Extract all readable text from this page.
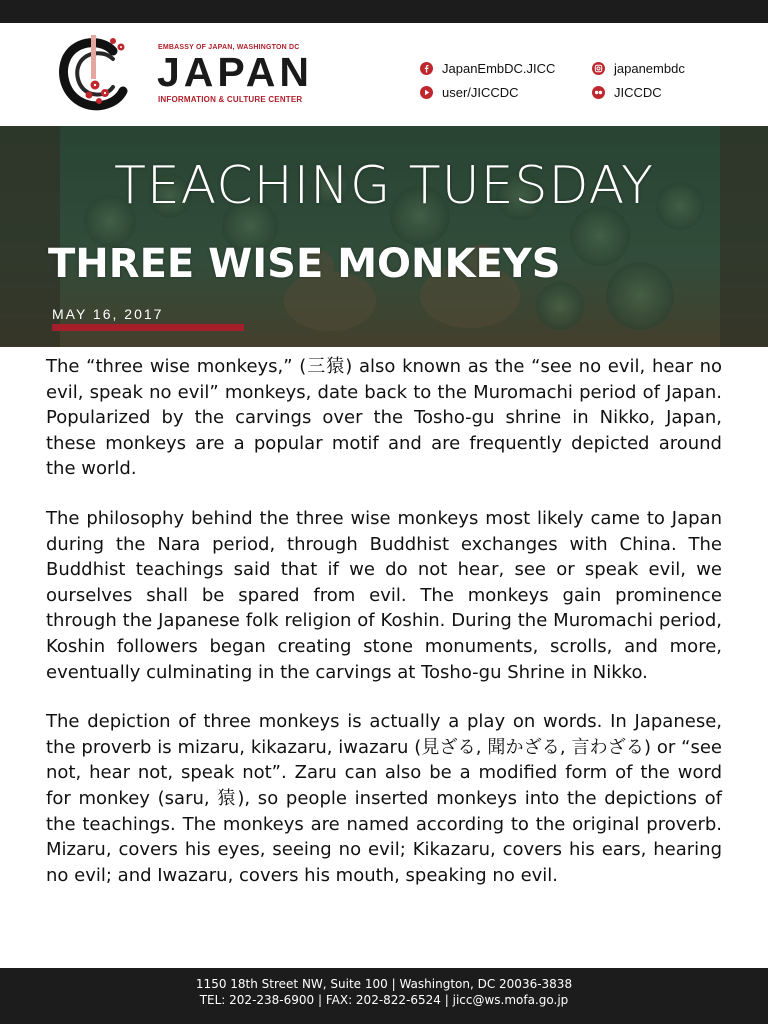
EMBASSY OF JAPAN, WASHINGTON DC
JAPAN
INFORMATION & CULTURE CENTER
JapanEmbDC.JICC
user/JICCDC
japanembdc
JICCDC
TEACHING TUESDAY
THREE WISE MONKEYS
MAY 16, 2017

The “three wise monkeys,” (三猿) also known as the “see no evil, hear no evil, speak no evil” monkeys, date back to the Muromachi period of Japan. Popularized by the carvings over the Tosho-gu shrine in Nikko, Japan, these monkeys are a popular motif and are frequently depicted around the world.

The philosophy behind the three wise monkeys most likely came to Japan during the Nara period, through Buddhist exchanges with China. The Buddhist teachings said that if we do not hear, see or speak evil, we ourselves shall be spared from evil. The monkeys gain prominence through the Japanese folk religion of Koshin. During the Muromachi period, Koshin followers began creating stone monuments, scrolls, and more, eventually culminating in the carvings at Tosho-gu Shrine in Nikko.

The depiction of three monkeys is actually a play on words. In Japanese, the proverb is mizaru, kikazaru, iwazaru (見ざる, 聞かざる, 言わざる) or “see not, hear not, speak not”. Zaru can also be a modified form of the word for monkey (saru, 猿), so people inserted monkeys into the depictions of the teachings. The monkeys are named according to the original proverb. Mizaru, covers his eyes, seeing no evil; Kikazaru, covers his ears, hearing no evil; and Iwazaru, covers his mouth, speaking no evil.

1150 18th Street NW, Suite 100 | Washington, DC 20036-3838
TEL: 202-238-6900 | FAX: 202-822-6524 | jicc@ws.mofa.go.jp
